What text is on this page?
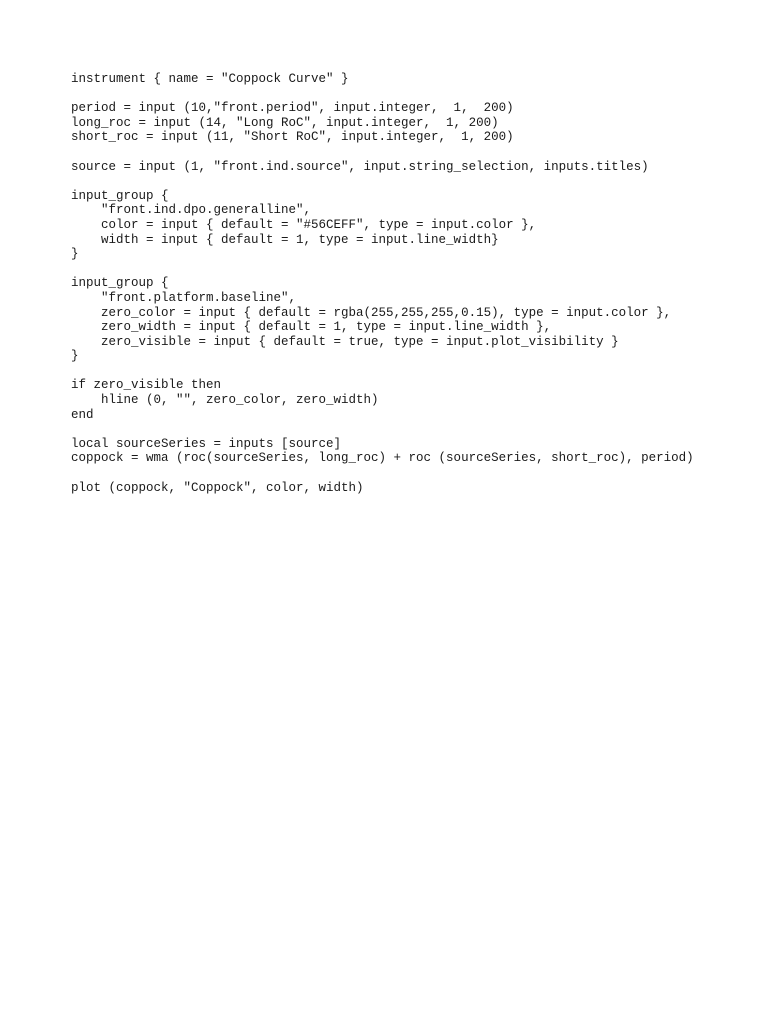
instrument { name = "Coppock Curve" }
period = input (10,"front.period", input.integer,  1,  200)
long_roc = input (14, "Long RoC", input.integer,  1, 200)
short_roc = input (11, "Short RoC", input.integer,  1, 200)
source = input (1, "front.ind.source", input.string_selection, inputs.titles)
input_group {
"front.ind.dpo.generalline",
color = input { default = "#56CEFF", type = input.color },
width = input { default = 1, type = input.line_width}
}
input_group {
"front.platform.baseline",
zero_color = input { default = rgba(255,255,255,0.15), type = input.color },
zero_width = input { default = 1, type = input.line_width },
zero_visible = input { default = true, type = input.plot_visibility }
}
if zero_visible then
hline (0, "", zero_color, zero_width)
end
local sourceSeries = inputs [source]
coppock = wma (roc(sourceSeries, long_roc) + roc (sourceSeries, short_roc), period)
plot (coppock, "Coppock", color, width)
